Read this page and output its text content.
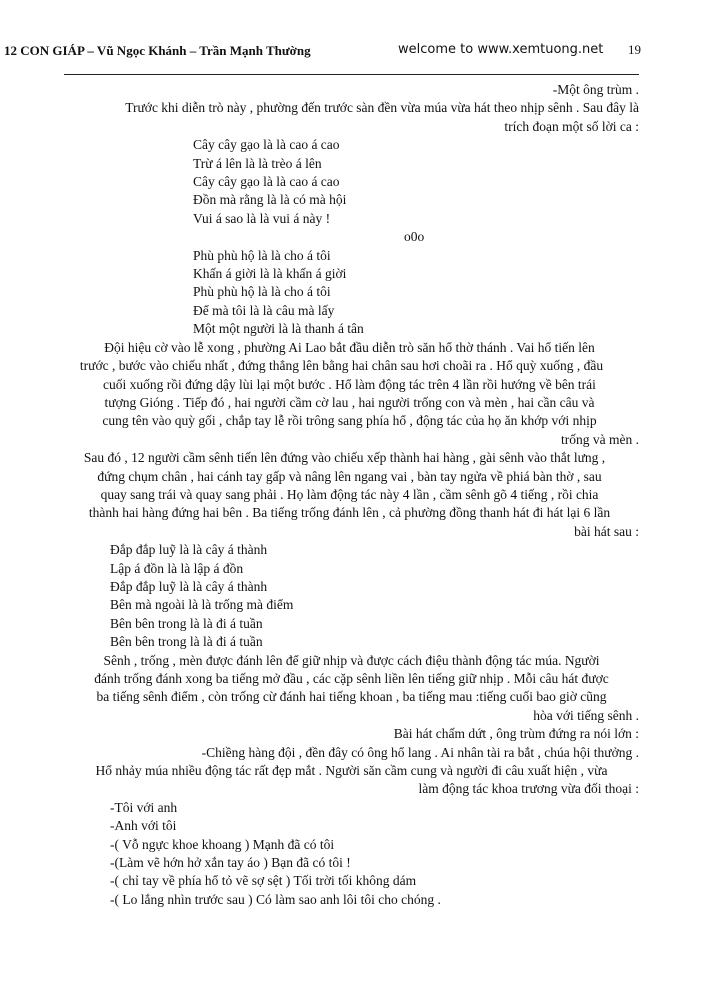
12 CON GIÁP – Vũ Ngọc Khánh – Trần Mạnh Thường	welcome to www.xemtuong.net 19
-Một ông trùm .
Trước khi diễn trò này , phường đến trước sàn đền vừa múa vừa hát theo nhịp sênh . Sau đây là
trích đoạn một số lời ca :
Cây cây gạo là là cao á cao
Trừ á lên là là trèo á lên
Cây cây gạo là là cao á cao
Đồn mà rằng là là có mà hội
Vui á sao là là vui á này !
o0o
Phù phù hộ là là cho á tôi
Khấn á giời là là khấn á giời
Phù phù hộ là là cho á tôi
Để mà tôi là là câu mà lấy
Một một người là là thanh á tân
Đội hiệu cờ vào lễ xong , phường Ai Lao bắt đầu diễn trò săn hổ thờ thánh . Vai hổ tiến lên
trước , bước vào chiếu nhất , đứng thẳng lên bằng hai chân sau hơi choãi ra . Hổ quỳ xuống , đầu
cuối xuống rồi đứng dậy lùi lại một bước . Hổ làm động tác trên 4 lần rồi hướng về bên trái
tượng Gióng . Tiếp đó , hai người cầm cờ lau , hai người trống con và mèn , hai cần câu và
cung tên vào quỳ gối , chắp tay lễ rồi trông sang phía hổ , động tác của họ ăn khớp với nhịp
trống và mèn .
Sau đó , 12 người cầm sênh tiến lên đứng vào chiếu xếp thành hai hàng , gài sênh vào thắt lưng ,
đứng chụm chân , hai cánh tay gấp và nâng lên ngang vai , bàn tay ngửa về phiá bàn thờ , sau
quay sang trái và quay sang phải . Họ làm động tác này 4 lần , cầm sênh gõ 4 tiếng , rồi chia
thành hai hàng đứng hai bên . Ba tiếng trống đánh lên , cả phường đồng thanh hát đi hát lại 6 lần
bài hát sau :
Đắp đắp luỹ là là cây á thành
Lập á đồn là là lập á đồn
Đắp đắp luỹ là là cây á thành
Bên mà ngoài là là trống mà điểm
Bên bên trong là là đi á tuần
Bên bên trong là là đi á tuần
Sênh , trống , mèn được đánh lên để giữ nhịp và được cách điệu thành động tác múa. Người
đánh trống đánh xong ba tiếng mở đầu , các cặp sênh liền lên tiếng giữ nhịp . Mỗi câu hát được
ba tiếng sênh điểm , còn trống cừ đánh hai tiếng khoan , ba tiếng mau :tiếng cuối bao giờ cũng
hòa với tiếng sênh .
Bài hát chấm dứt , ông trùm đứng ra nói lớn :
-Chiềng hàng đội , đền đây có ông hổ lang . Ai nhân tài ra bắt , chúa hội thưởng .
Hổ nhảy múa nhiều động tác rất đẹp mắt . Người săn cầm cung và người đi câu xuất hiện , vừa
làm động tác khoa trương vừa đối thoại :
-Tôi với anh
-Anh với tôi
-( Vỗ ngực khoe khoang ) Mạnh đã có tôi
-(Làm vẽ hớn hở xắn tay áo ) Bạn đã có tôi !
-( chỉ tay về phía hổ tỏ vẽ sợ sệt ) Tối trời tối không dám
-( Lo lắng nhìn trước sau ) Có làm sao anh lôi tôi cho chóng .
